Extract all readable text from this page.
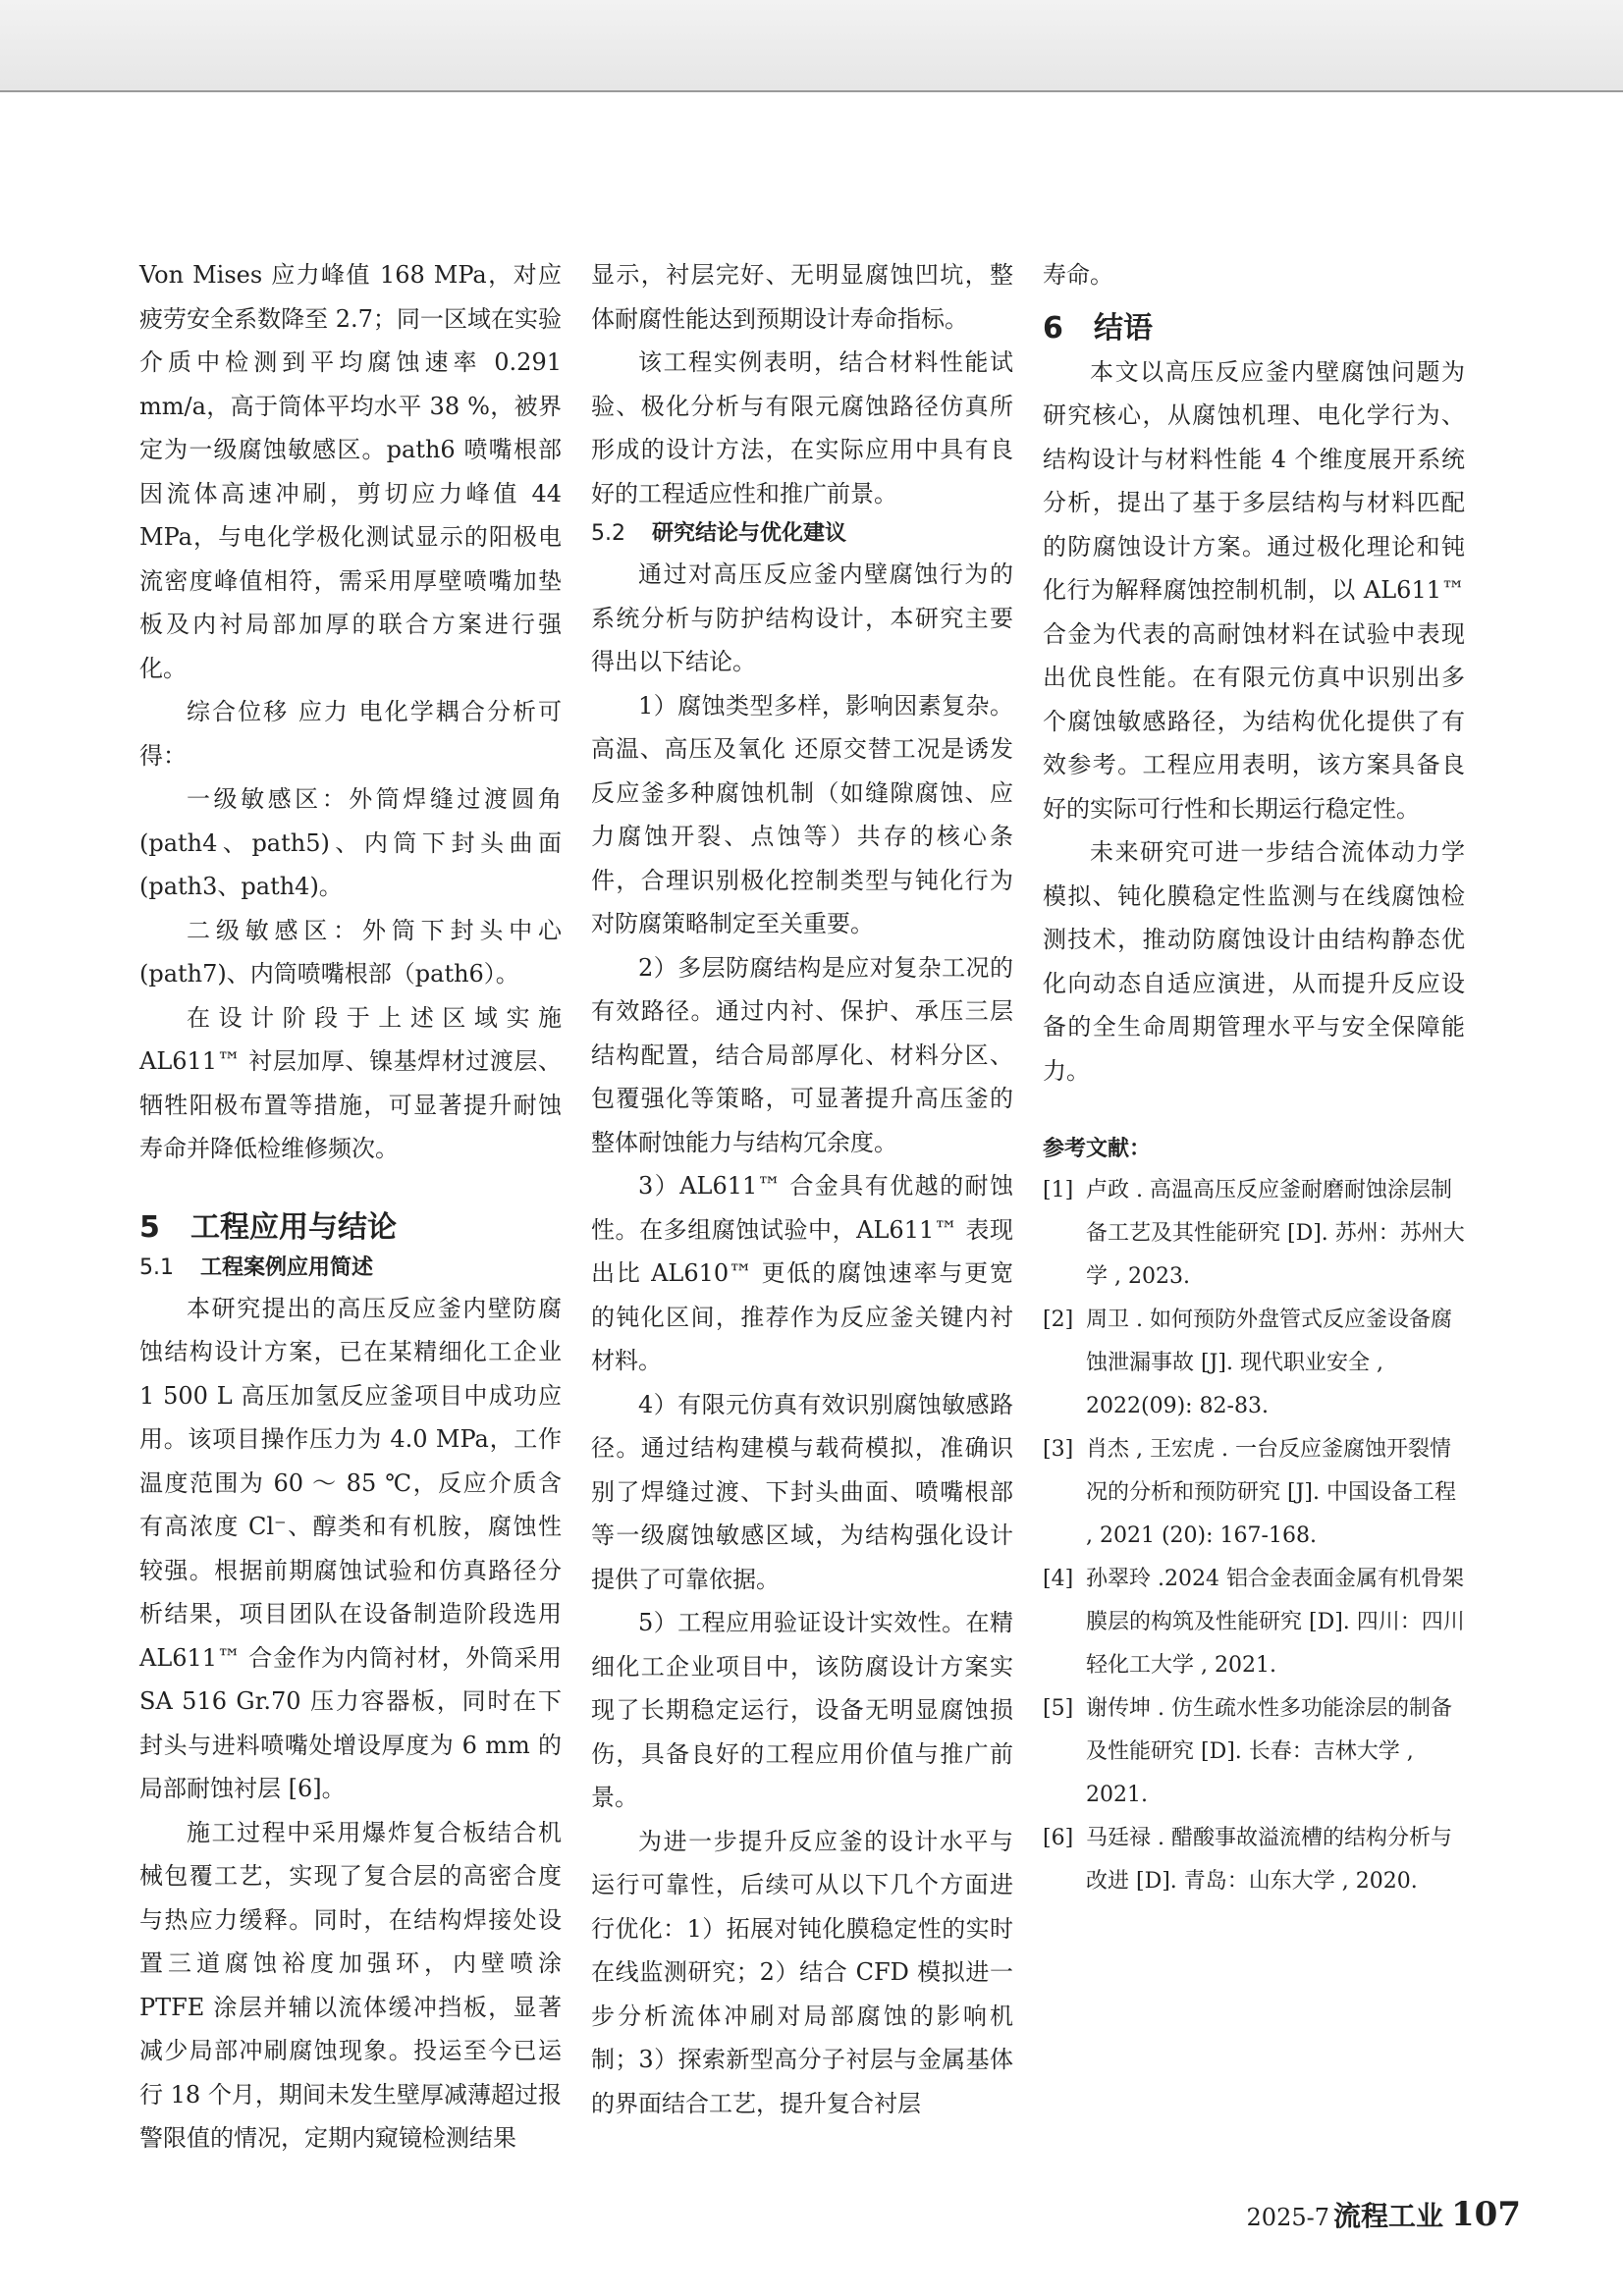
Von Mises 应力峰值 168 MPa，对应疲劳安全系数降至 2.7；同一区域在实验介质中检测到平均腐蚀速率 0.291 mm/a，高于筒体平均水平 38 %，被界定为一级腐蚀敏感区。path6 喷嘴根部因流体高速冲刷，剪切应力峰值 44 MPa，与电化学极化测试显示的阳极电流密度峰值相符，需采用厚壁喷嘴加垫板及内衬局部加厚的联合方案进行强化。

综合位移 应力 电化学耦合分析可得：

一级敏感区：外筒焊缝过渡圆角 (path4、path5)、内筒下封头曲面 (path3、path4)。

二级敏感区：外筒下封头中心 (path7)、内筒喷嘴根部（path6）。

在设计阶段于上述区域实施 AL611™ 衬层加厚、镍基焊材过渡层、牺牲阳极布置等措施，可显著提升耐蚀寿命并降低检维修频次。

5 工程应用与结论
5.1 工程案例应用简述

本研究提出的高压反应釜内壁防腐蚀结构设计方案，已在某精细化工企业 1 500 L 高压加氢反应釜项目中成功应用。该项目操作压力为 4.0 MPa，工作温度范围为 60 ～ 85 ℃，反应介质含有高浓度 Cl⁻、醇类和有机胺，腐蚀性较强。根据前期腐蚀试验和仿真路径分析结果，项目团队在设备制造阶段选用 AL611™ 合金作为内筒衬材，外筒采用 SA 516 Gr.70 压力容器板，同时在下封头与进料喷嘴处增设厚度为 6 mm 的局部耐蚀衬层 [6]。

施工过程中采用爆炸复合板结合机械包覆工艺，实现了复合层的高密合度与热应力缓释。同时，在结构焊接处设置三道腐蚀裕度加强环，内壁喷涂 PTFE 涂层并辅以流体缓冲挡板，显著减少局部冲刷腐蚀现象。投运至今已运行 18 个月，期间未发生壁厚减薄超过报警限值的情况，定期内窥镜检测结果

显示，衬层完好、无明显腐蚀凹坑，整体耐腐性能达到预期设计寿命指标。

该工程实例表明，结合材料性能试验、极化分析与有限元腐蚀路径仿真所形成的设计方法，在实际应用中具有良好的工程适应性和推广前景。

5.2 研究结论与优化建议

通过对高压反应釜内壁腐蚀行为的系统分析与防护结构设计，本研究主要得出以下结论。

1）腐蚀类型多样，影响因素复杂。高温、高压及氧化 还原交替工况是诱发反应釜多种腐蚀机制（如缝隙腐蚀、应力腐蚀开裂、点蚀等）共存的核心条件，合理识别极化控制类型与钝化行为对防腐策略制定至关重要。

2）多层防腐结构是应对复杂工况的有效路径。通过内衬、保护、承压三层结构配置，结合局部厚化、材料分区、包覆强化等策略，可显著提升高压釜的整体耐蚀能力与结构冗余度。

3）AL611™ 合金具有优越的耐蚀性。在多组腐蚀试验中，AL611™ 表现出比 AL610™ 更低的腐蚀速率与更宽的钝化区间，推荐作为反应釜关键内衬材料。

4）有限元仿真有效识别腐蚀敏感路径。通过结构建模与载荷模拟，准确识别了焊缝过渡、下封头曲面、喷嘴根部等一级腐蚀敏感区域，为结构强化设计提供了可靠依据。

5）工程应用验证设计实效性。在精细化工企业项目中，该防腐设计方案实现了长期稳定运行，设备无明显腐蚀损伤，具备良好的工程应用价值与推广前景。

为进一步提升反应釜的设计水平与运行可靠性，后续可从以下几个方面进行优化：1）拓展对钝化膜稳定性的实时在线监测研究；2）结合 CFD 模拟进一步分析流体冲刷对局部腐蚀的影响机制；3）探索新型高分子衬层与金属基体的界面结合工艺，提升复合衬层

寿命。

6 结语

本文以高压反应釜内壁腐蚀问题为研究核心，从腐蚀机理、电化学行为、结构设计与材料性能 4 个维度展开系统分析，提出了基于多层结构与材料匹配的防腐蚀设计方案。通过极化理论和钝化行为解释腐蚀控制机制，以 AL611™ 合金为代表的高耐蚀材料在试验中表现出优良性能。在有限元仿真中识别出多个腐蚀敏感路径，为结构优化提供了有效参考。工程应用表明，该方案具备良好的实际可行性和长期运行稳定性。

未来研究可进一步结合流体动力学模拟、钝化膜稳定性监测与在线腐蚀检测技术，推动防腐蚀设计由结构静态优化向动态自适应演进，从而提升反应设备的全生命周期管理水平与安全保障能力。

参考文献：
[1] 卢政 . 高温高压反应釜耐磨耐蚀涂层制备工艺及其性能研究 [D]. 苏州：苏州大学 , 2023.
[2] 周卫 . 如何预防外盘管式反应釜设备腐蚀泄漏事故 [J]. 现代职业安全 , 2022(09): 82-83.
[3] 肖杰 , 王宏虎 . 一台反应釜腐蚀开裂情况的分析和预防研究 [J]. 中国设备工程 , 2021 (20): 167-168.
[4] 孙翠玲 .2024 铝合金表面金属有机骨架膜层的构筑及性能研究 [D]. 四川：四川轻化工大学 , 2021.
[5] 谢传坤 . 仿生疏水性多功能涂层的制备及性能研究 [D]. 长春：吉林大学 , 2021.
[6] 马廷禄 . 醋酸事故溢流槽的结构分析与改进 [D]. 青岛：山东大学 , 2020.
2025-7 流程工业 107
